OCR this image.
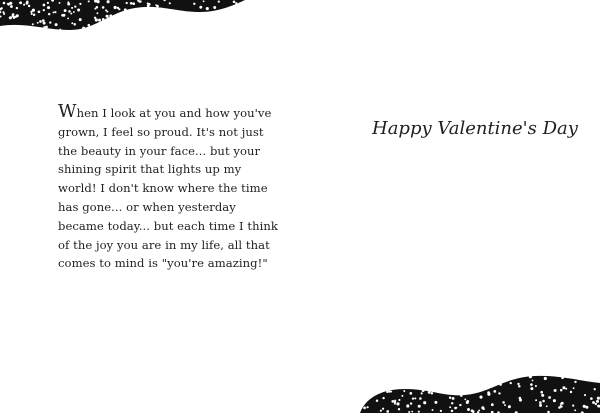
When I look at you and how you've grown, I feel so proud. It's not just the beauty in your face... but your shining spirit that lights up my world! I don't know where the time has gone... or when yesterday became today... but each time I think of the joy you are in my life, all that comes to mind is "you're amazing!"

Happy Valentine's Day
